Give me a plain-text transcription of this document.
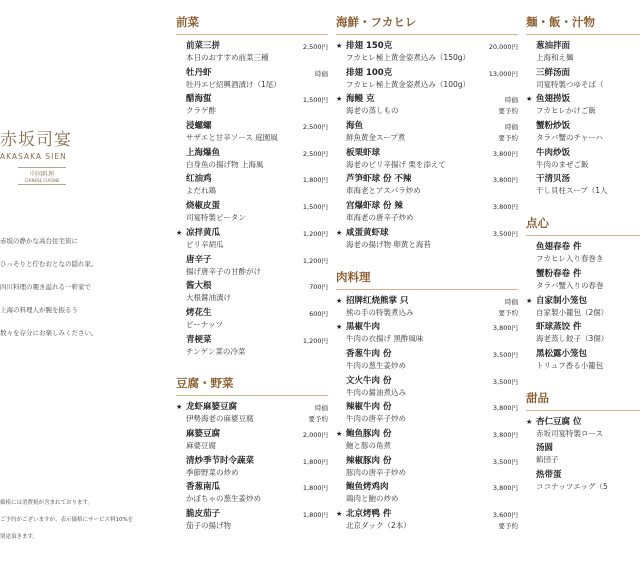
赤坂司宴
AKASAKA SIEN
中国料理
CHINESE CUISINE

赤坂の静かな高台住宅街に

ひっそりと佇むおとなの隠れ家。

四川料理の趣き溢れる一軒家で

上海の料理人が腕を振るう

数々を存分にお楽しみください。

価格には消費税が含まれております。

ご予約がございますが、表示価格にサービス料10%を

別途頂きます。

前菜
前菜三拼
本日のおすすめ前菜三種
2,500円
牡丹虾
牡丹エビ紹興酒漬け（1尾）
時価
醋海蜇
クラゲ酢
1,500円
浸螺螺
サザエと甘辛ソース 庭園風
2,500円
上海爆鱼
白身魚の揚げ物 上海風
2,500円
红油鸡
よだれ鶏
1,800円
烧椒皮蛋
司宴特製ピータン
1,500円
★ 凉拌黄瓜
ピリ辛胡瓜
1,200円
唐辛子
揚げ唐辛子の甘酢がけ
1,200円
酱大根
大根醤油漬け
700円
烤花生
ピーナッツ
600円
青梗菜
チンゲン菜の冷菜
1,200円
豆腐・野菜
★ 龙虾麻婆豆腐
伊勢海老の麻婆豆腐
時価
要予約
麻婆豆腐
麻婆豆腐
2,000円
清炒季节时令蔬菜
季節野菜の炒め
1,800円
香葱南瓜
かぼちゃの葱生姜炒め
1,800円
脆皮茄子
茄子の揚げ物
1,800円
海鮮・フカヒレ
★ 排翅 150克
フカヒレ極上黄金姿煮込み（150g）
20,000円
排翅 100克
フカヒレ極上黄金姿煮込み（100g）
13,000円
★ 海鳗 克
海老の蒸しもの
時価
要予約
海鱼
鮮魚黄金スープ煮
時価
要予約
板栗虾球
海老のピリ辛揚げ 栗を添えて
3,800円
芦笋虾球 份 不辣
車海老とアスパラ炒め
3,800円
宫爆虾球 份 辣
車海老の唐辛子炒め
3,800円
★ 咸蛋黄虾球
海老の揚げ物 卵黄と海苔
3,500円
肉料理
★ 招牌红烧熊掌 只
熊の手の特製煮込み
時価
要予約
★ 黒椒牛肉
牛肉の衣揚げ 黒酢風味
3,800円
香葱牛肉 份
牛肉の葱生姜炒め
3,500円
文火牛肉 份
牛肉の醤油煮込み
3,500円
辣椒牛肉 份
牛肉の唐辛子炒め
3,800円
★ 鲍鱼豚肉 份
鮑と豚の角煮
3,800円
辣椒豚肉 份
豚肉の唐辛子炒め
3,500円
鲍鱼烤鸡肉
鶏肉と鮑の炒め
3,800円
★ 北京烤鸭 件
北京ダック（2本）
3,600円
要予約
麺・飯・汁物
葱油拌面
上海和え麺
三鲜汤面
司宴特製つゆそば（
★ 鱼翅捞饭
フカヒレかけご飯
蟹粉炒饭
タラバ蟹のチャーハ
牛肉炒饭
牛肉のまぜご飯
干清贝汤
干し貝柱スープ（1人
点心
鱼翅春卷 件
フカヒレ入り春巻き
蟹粉春卷 件
タラバ蟹入りの春巻
★ 自家制小笼包
自家製小籠包（2個）
虾球蒸饺 件
海老蒸し餃子（3個）
黑松露小笼包
トリュフ香る小籠包
甜品
★ 杏仁豆腐 位
赤坂司宴特製ロース
汤圆
餡団子
热带蛋
ココナッツエッグ（5
